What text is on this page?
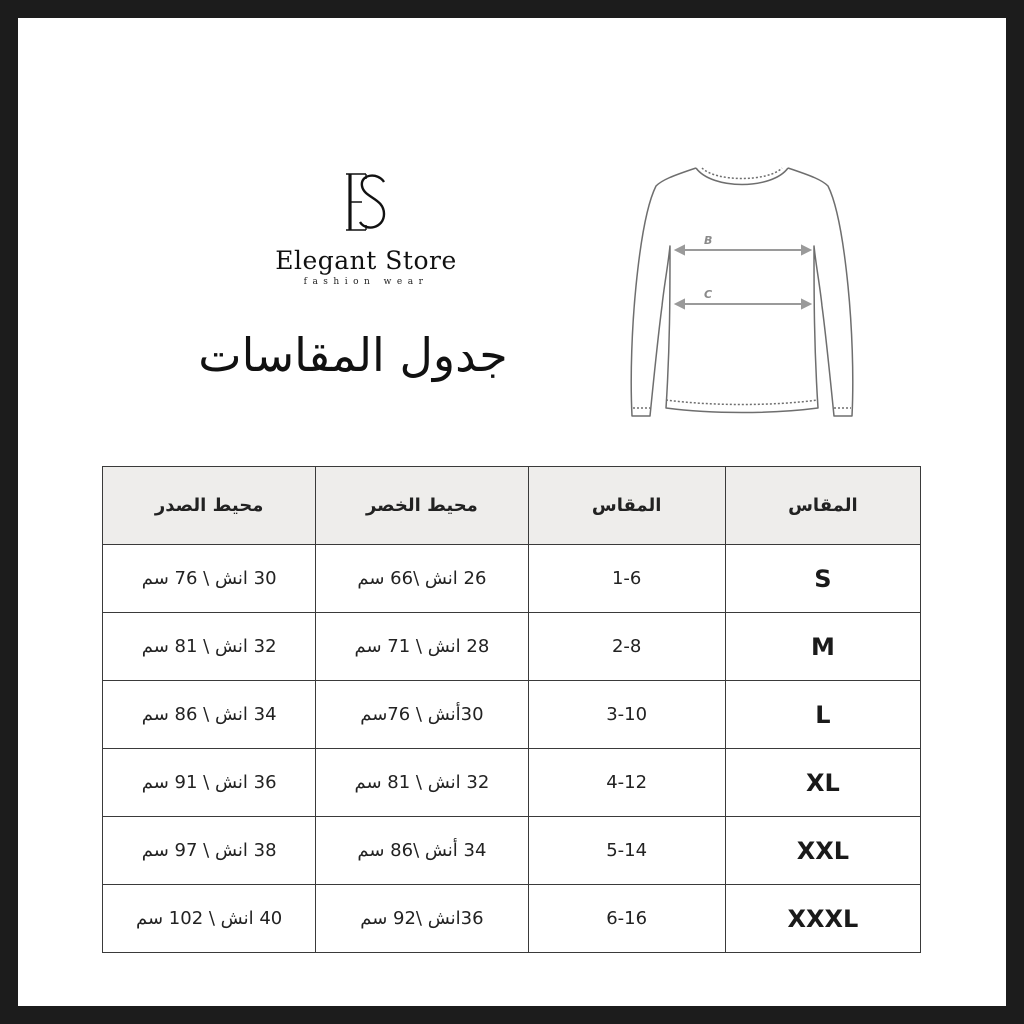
Elegant Store
fashion wear
جدول المقاسات
B
C
المقاس	المقاس	محيط الخصر	محيط الصدر
S	1-6	26 انش \66 سم	30 انش \ 76 سم
M	2-8	28 انش \ 71 سم	32 انش \ 81 سم
L	3-10	30أنش \ 76سم	34 انش \ 86 سم
XL	4-12	32 انش \ 81 سم	36 انش \ 91 سم
XXL	5-14	34 أنش \86 سم	38 انش \ 97 سم
XXXL	6-16	36انش \92 سم	40 انش \ 102 سم
